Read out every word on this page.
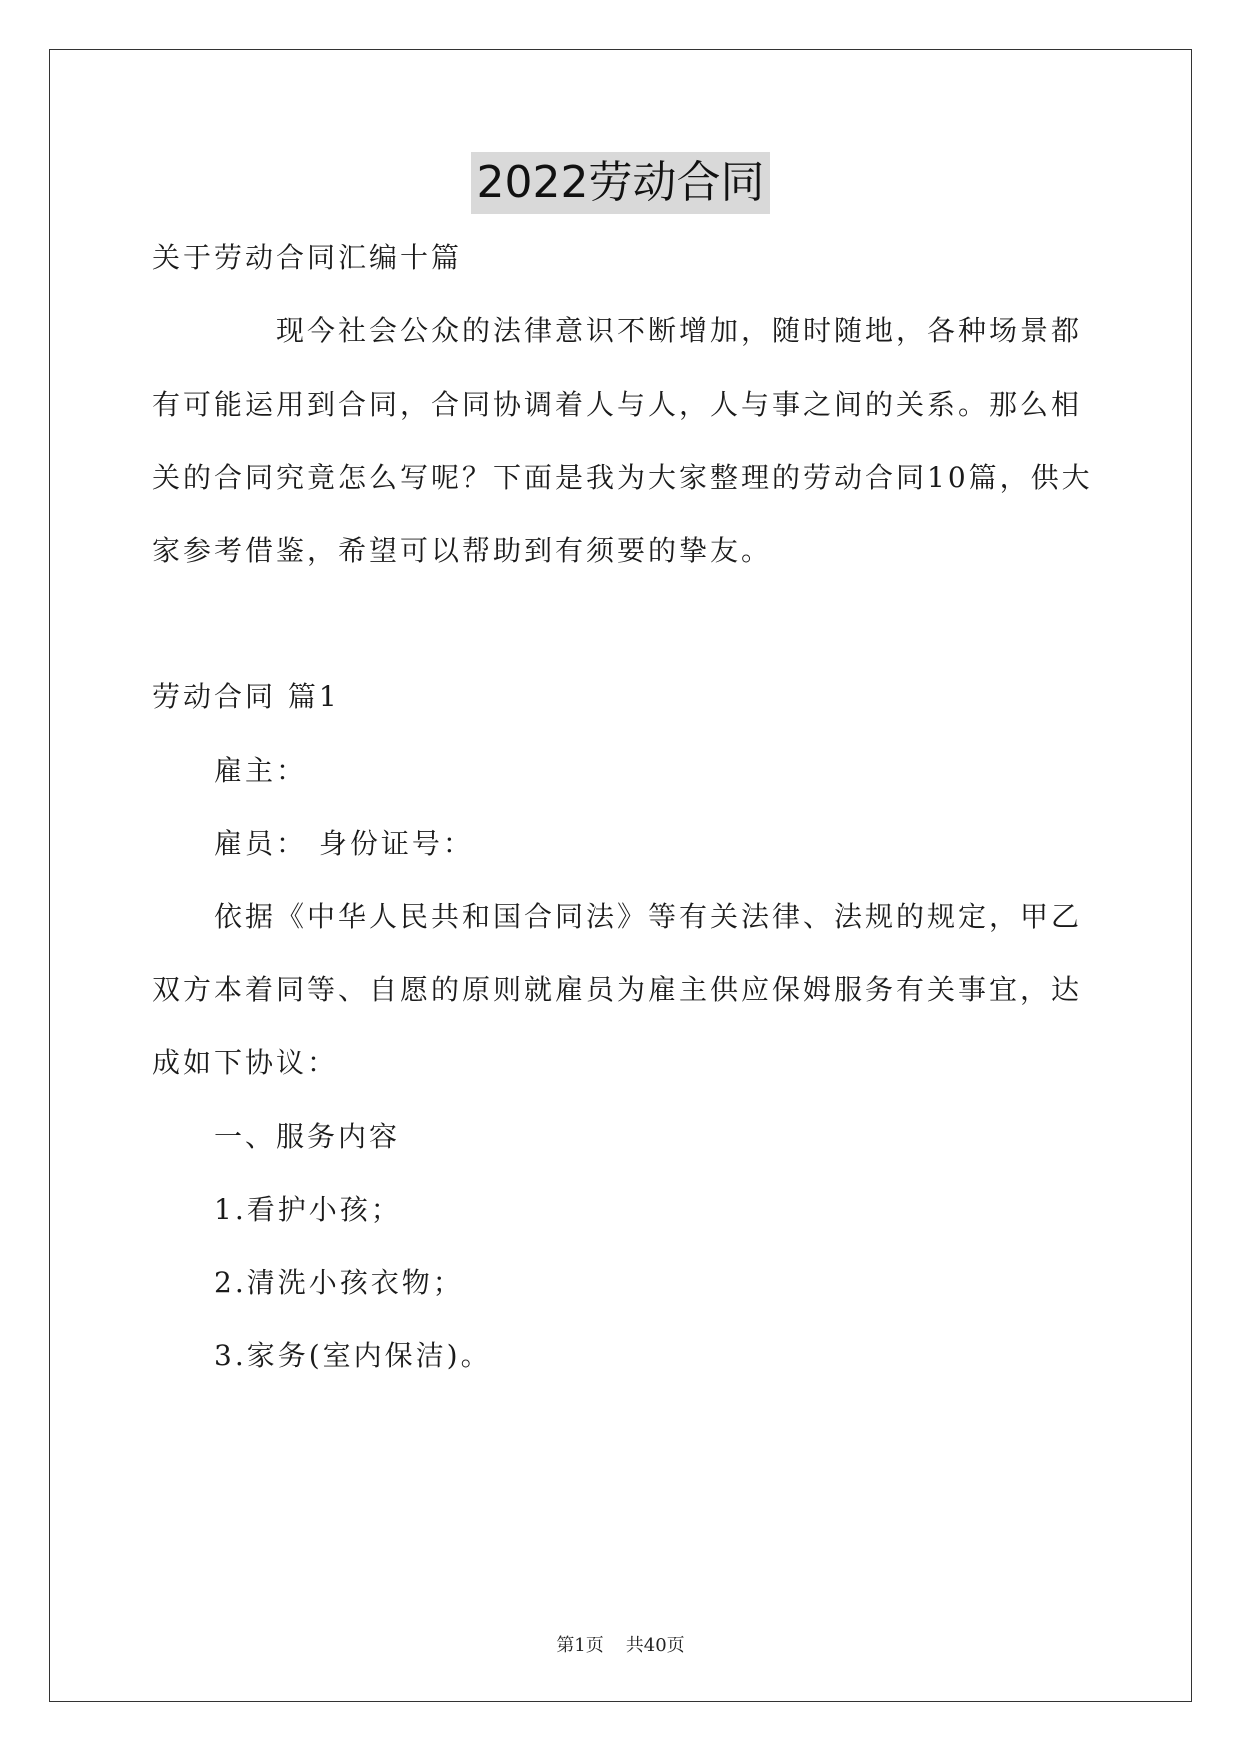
2022劳动合同
关于劳动合同汇编十篇
现今社会公众的法律意识不断增加，随时随地，各种场景都
有可能运用到合同，合同协调着人与人，人与事之间的关系。那么相
关的合同究竟怎么写呢？下面是我为大家整理的劳动合同10篇，供大
家参考借鉴，希望可以帮助到有须要的挚友。
劳动合同 篇1
雇主：
雇员： 身份证号：
依据《中华人民共和国合同法》等有关法律、法规的规定，甲乙
双方本着同等、自愿的原则就雇员为雇主供应保姆服务有关事宜，达
成如下协议：
一、服务内容
1.看护小孩；
2.清洗小孩衣物；
3.家务(室内保洁)。
第1页 共40页
